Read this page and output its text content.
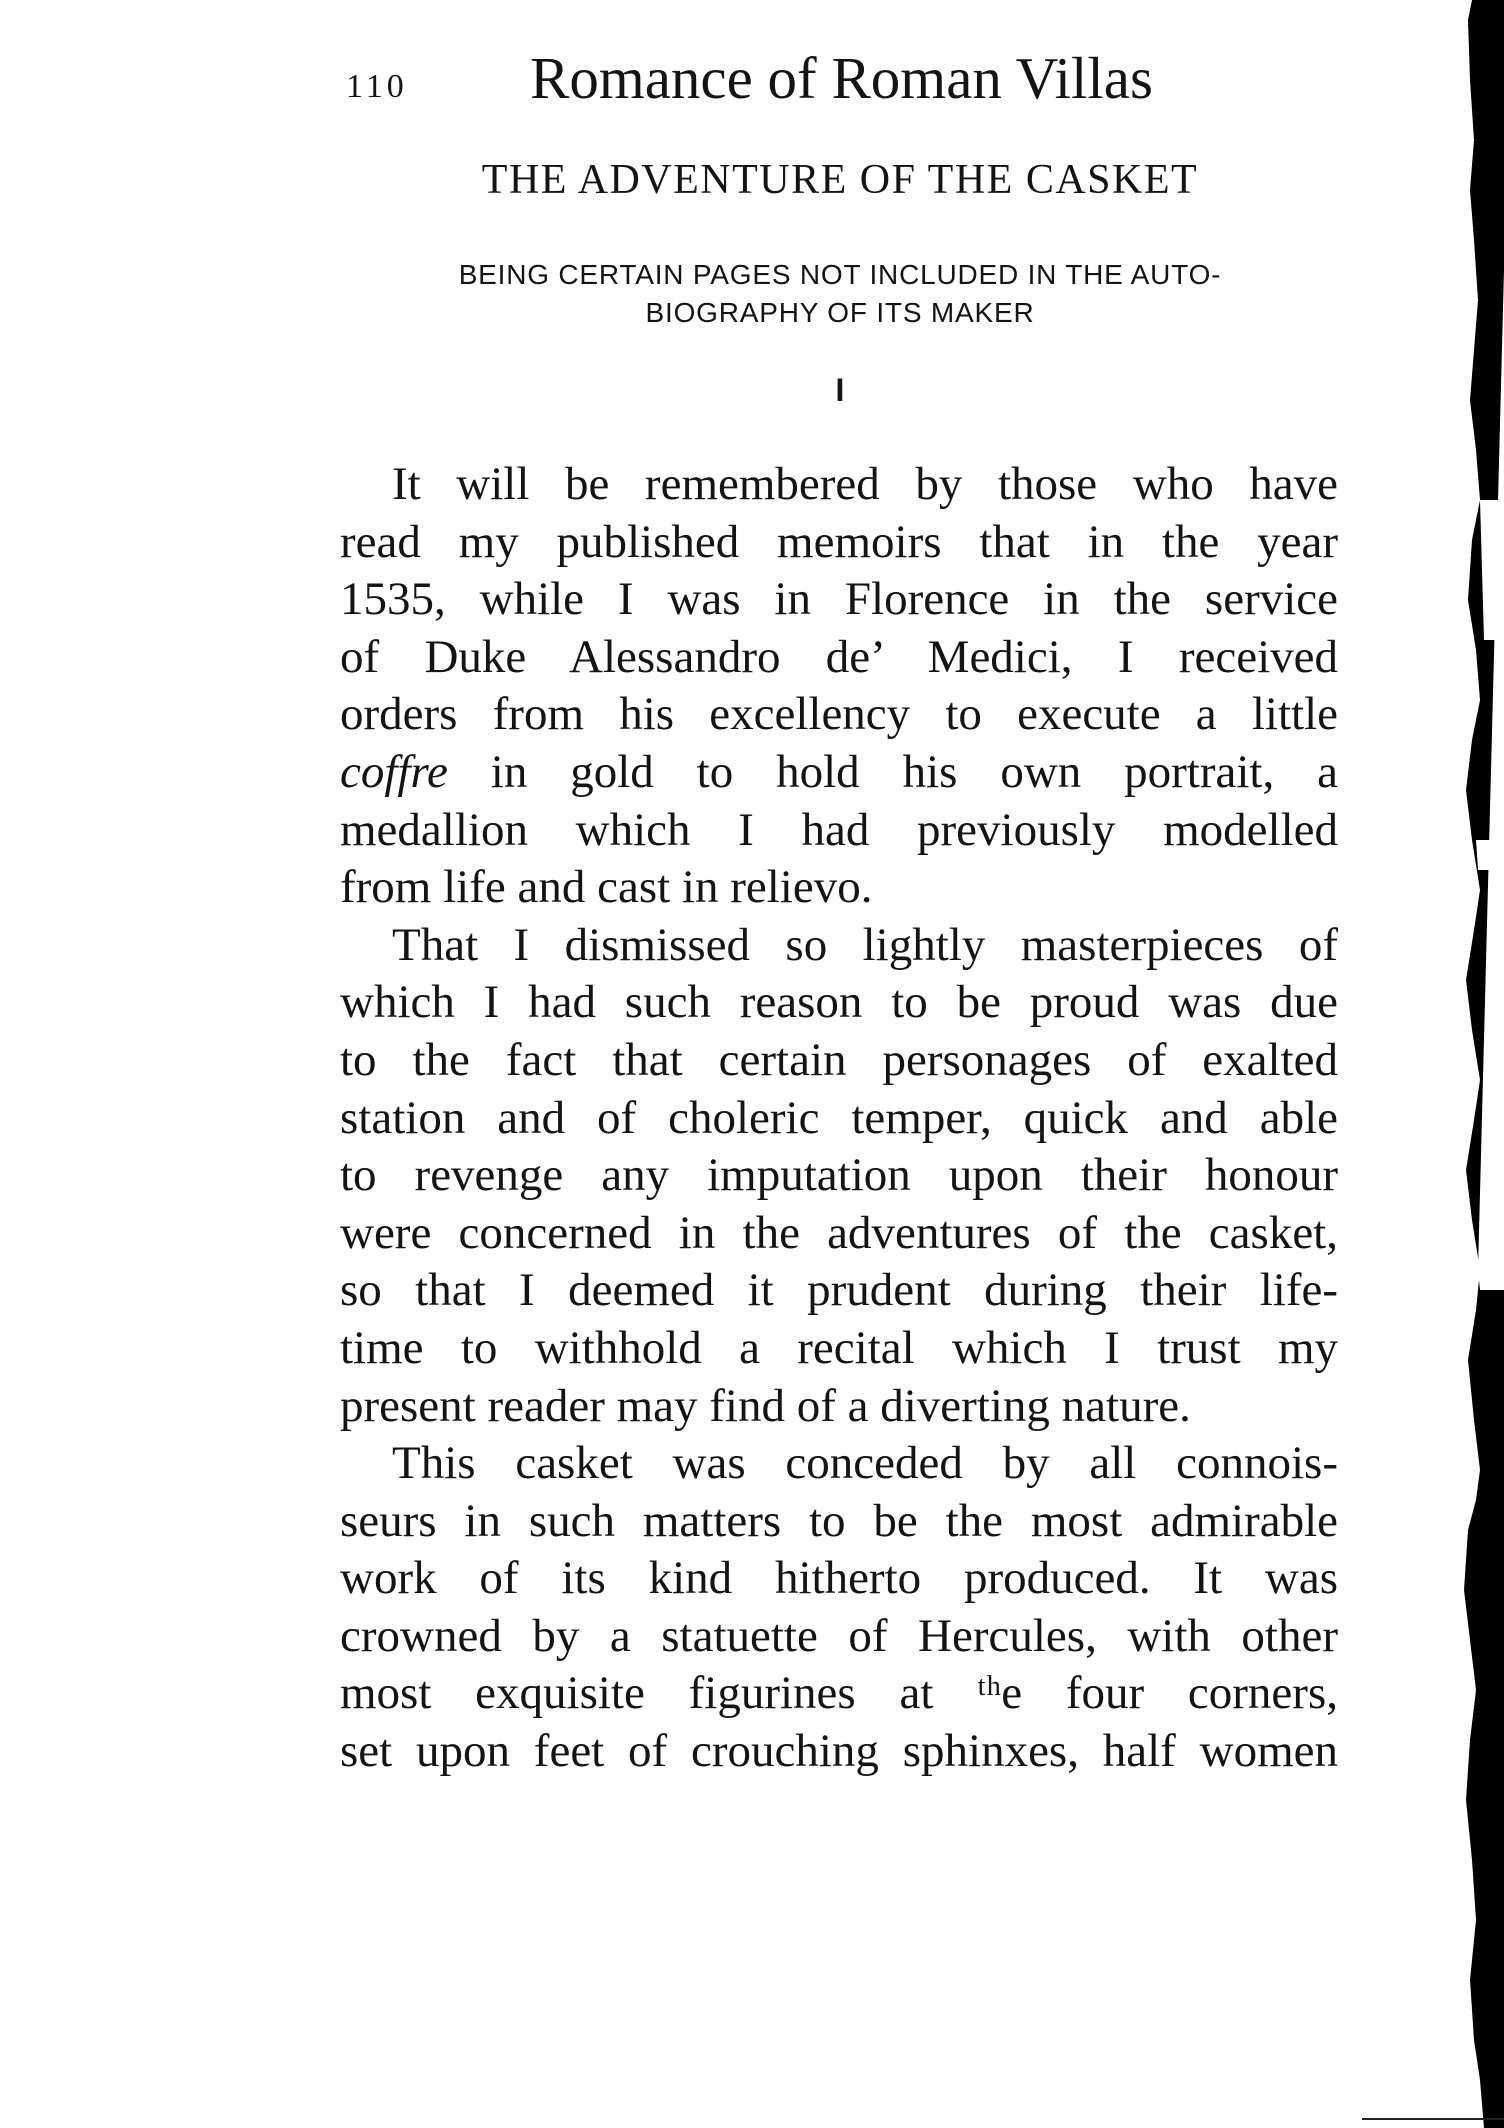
110 Romance of Roman Villas
THE ADVENTURE OF THE CASKET
BEING CERTAIN PAGES NOT INCLUDED IN THE AUTO-
BIOGRAPHY OF ITS MAKER
I
It will be remembered by those who have
read my published memoirs that in the year
1535, while I was in Florence in the service
of Duke Alessandro de’ Medici, I received
orders from his excellency to execute a little
coffre in gold to hold his own portrait, a
medallion which I had previously modelled
from life and cast in relievo.
That I dismissed so lightly masterpieces of
which I had such reason to be proud was due
to the fact that certain personages of exalted
station and of choleric temper, quick and able
to revenge any imputation upon their honour
were concerned in the adventures of the casket,
so that I deemed it prudent during their life-
time to withhold a recital which I trust my
present reader may find of a diverting nature.
This casket was conceded by all connois-
seurs in such matters to be the most admirable
work of its kind hitherto produced. It was
crowned by a statuette of Hercules, with other
most exquisite figurines at ᵗʰe four corners,
set upon feet of crouching sphinxes, half women
